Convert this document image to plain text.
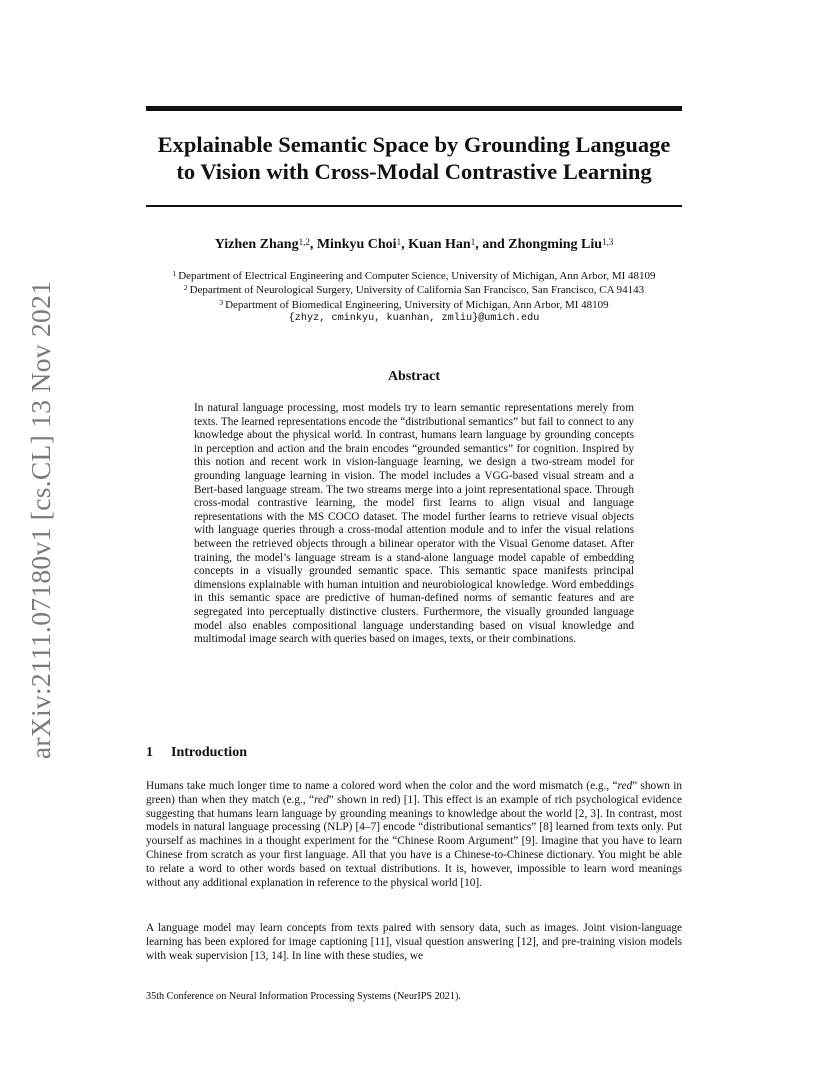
arXiv:2111.07180v1 [cs.CL] 13 Nov 2021
Explainable Semantic Space by Grounding Language
to Vision with Cross-Modal Contrastive Learning
Yizhen Zhang$^{1,2}$, Minkyu Choi$^1$, Kuan Han$^1$, and Zhongming Liu$^{1,3}$
$^1$ Department of Electrical Engineering and Computer Science, University of Michigan, Ann Arbor, MI 48109
$^2$ Department of Neurological Surgery, University of California San Francisco, San Francisco, CA 94143
$^3$ Department of Biomedical Engineering, University of Michigan, Ann Arbor, MI 48109
{zhyz, cminkyu, kuanhan, zmliu}@umich.edu
Abstract

In natural language processing, most models try to learn semantic representations merely from texts. The learned representations encode the “distributional semantics” but fail to connect to any knowledge about the physical world. In contrast, humans learn language by grounding concepts in perception and action and the brain encodes “grounded semantics” for cognition. Inspired by this notion and recent work in vision-language learning, we design a two-stream model for grounding language learning in vision. The model includes a VGG-based visual stream and a Bert-based language stream. The two streams merge into a joint representational space. Through cross-modal contrastive learning, the model first learns to align visual and language representations with the MS COCO dataset. The model further learns to retrieve visual objects with language queries through a cross-modal attention module and to infer the visual relations between the retrieved objects through a bilinear operator with the Visual Genome dataset. After training, the model’s language stream is a stand-alone language model capable of embedding concepts in a visually grounded semantic space. This semantic space manifests principal dimensions explainable with human intuition and neurobiological knowledge. Word embeddings in this semantic space are predictive of human-defined norms of semantic features and are segregated into perceptually distinctive clusters. Furthermore, the visually grounded language model also enables compositional language understanding based on visual knowledge and multimodal image search with queries based on images, texts, or their combinations.

1 Introduction

Humans take much longer time to name a colored word when the color and the word mismatch (e.g., “red” shown in green) than when they match (e.g., “red” shown in red) [1]. This effect is an example of rich psychological evidence suggesting that humans learn language by grounding meanings to knowledge about the world [2, 3]. In contrast, most models in natural language processing (NLP) [4–7] encode “distributional semantics” [8] learned from texts only. Put yourself as machines in a thought experiment for the “Chinese Room Argument” [9]. Imagine that you have to learn Chinese from scratch as your first language. All that you have is a Chinese-to-Chinese dictionary. You might be able to relate a word to other words based on textual distributions. It is, however, impossible to learn word meanings without any additional explanation in reference to the physical world [10].

A language model may learn concepts from texts paired with sensory data, such as images. Joint vision-language learning has been explored for image captioning [11], visual question answering [12], and pre-training vision models with weak supervision [13, 14]. In line with these studies, we

35th Conference on Neural Information Processing Systems (NeurIPS 2021).
